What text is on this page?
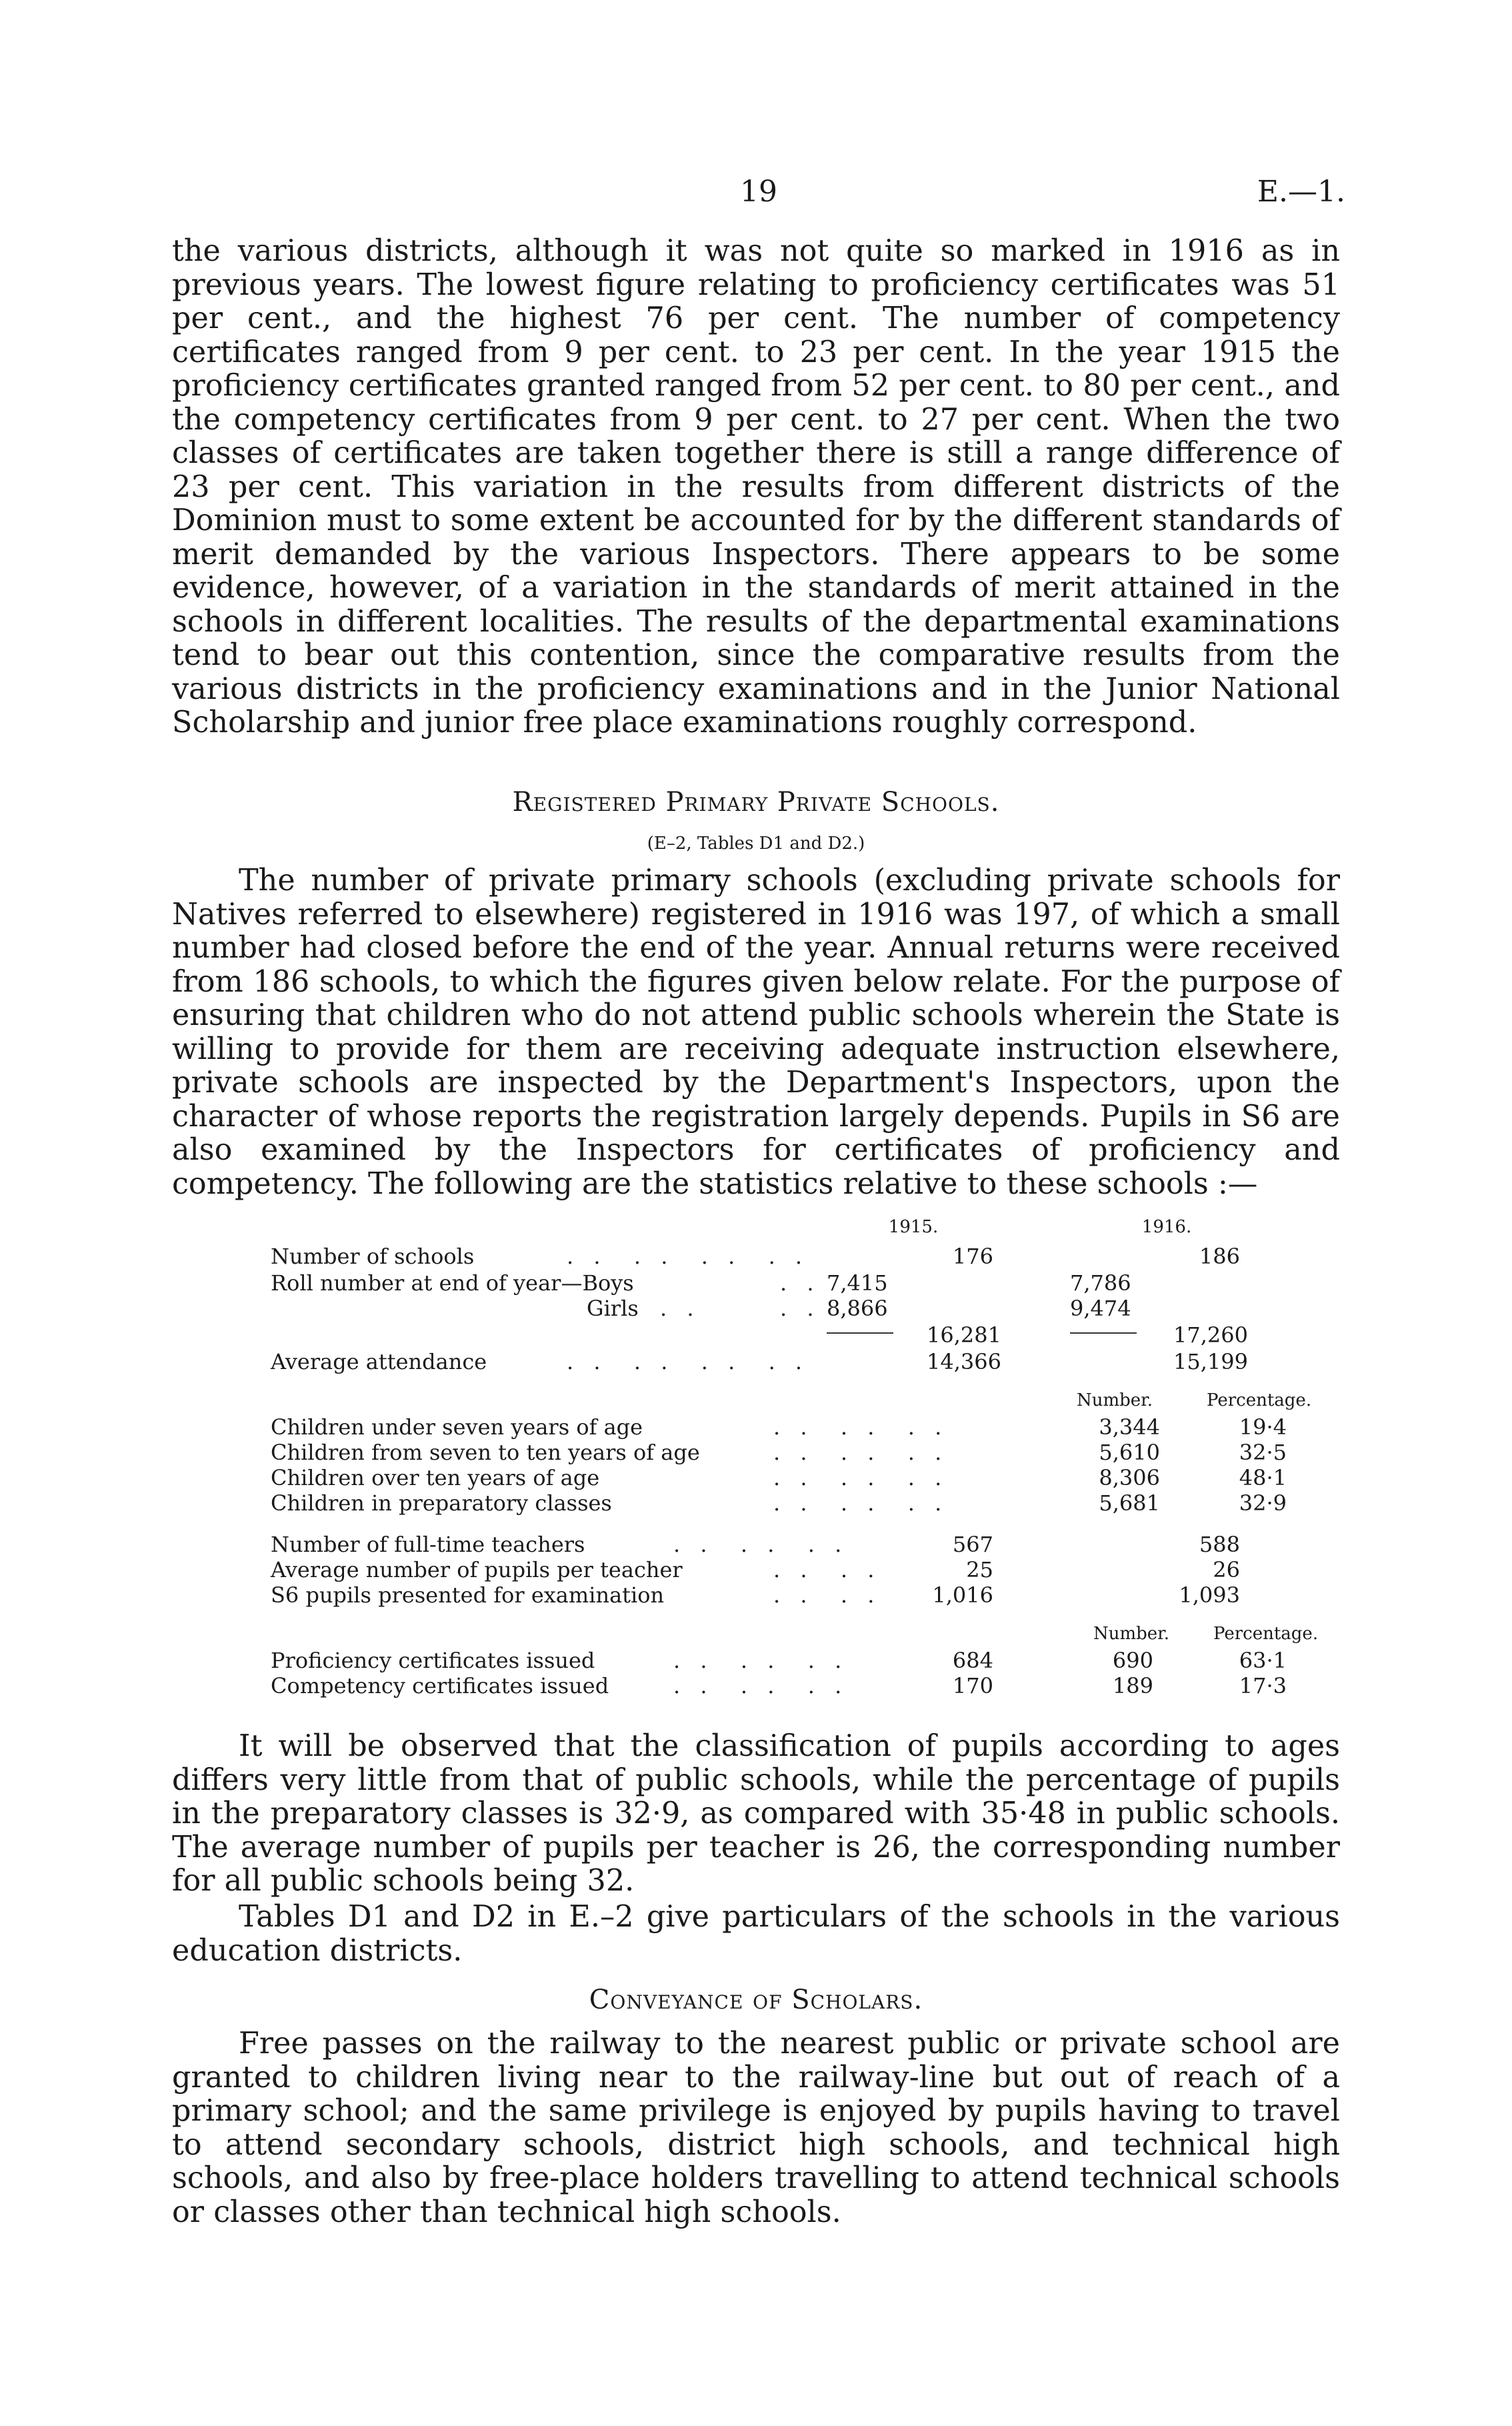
19	E.—1.

the various districts, although it was not quite so marked in 1916 as in previous years. The lowest figure relating to proficiency certificates was 51 per cent., and the highest 76 per cent. The number of competency certificates ranged from 9 per cent. to 23 per cent. In the year 1915 the proficiency certificates granted ranged from 52 per cent. to 80 per cent., and the competency certificates from 9 per cent. to 27 per cent. When the two classes of certificates are taken together there is still a range difference of 23 per cent. This variation in the results from different districts of the Dominion must to some extent be accounted for by the different standards of merit demanded by the various Inspectors. There appears to be some evidence, however, of a variation in the standards of merit attained in the schools in different localities. The results of the departmental examinations tend to bear out this contention, since the comparative results from the various districts in the proficiency examinations and in the Junior National Scholarship and junior free place examinations roughly correspond.

Registered Primary Private Schools.
(E–2, Tables D1 and D2.)

The number of private primary schools (excluding private schools for Natives referred to elsewhere) registered in 1916 was 197, of which a small number had closed before the end of the year. Annual returns were received from 186 schools, to which the figures given below relate. For the purpose of ensuring that children who do not attend public schools wherein the State is willing to provide for them are receiving adequate instruction elsewhere, private schools are inspected by the Department's Inspectors, upon the character of whose reports the registration largely depends. Pupils in S6 are also examined by the Inspectors for certificates of proficiency and competency. The following are the statistics relative to these schools :—

1915.	1916.
Number of schools	. .  . .  . .  . .	176	186
Roll number at end of year—Boys	. . 7,415	7,786
Girls . .	. . 8,866	9,474
16,281	17,260
Average attendance	. .  . .  . .  . .	14,366	15,199
Number.	Percentage.
Children under seven years of age	. .  . .  . .	3,344	19·4
Children from seven to ten years of age	. .  . .  . .	5,610	32·5
Children over ten years of age	. .  . .  . .	8,306	48·1
Children in preparatory classes	. .  . .  . .	5,681	32·9
Number of full-time teachers	. .  . .  . .	567	588
Average number of pupils per teacher	. .  . .	25	26
S6 pupils presented for examination	. .  . . 1,016	1,093
Number.	Percentage.
Proficiency certificates issued	. .  . .  . .	684	690	63·1
Competency certificates issued	. .  . .  . .	170	189	17·3

It will be observed that the classification of pupils according to ages differs very little from that of public schools, while the percentage of pupils in the preparatory classes is 32·9, as compared with 35·48 in public schools. The average number of pupils per teacher is 26, the corresponding number for all public schools being 32.

Tables D1 and D2 in E.–2 give particulars of the schools in the various education districts.

Conveyance of Scholars.

Free passes on the railway to the nearest public or private school are granted to children living near to the railway-line but out of reach of a primary school; and the same privilege is enjoyed by pupils having to travel to attend secondary schools, district high schools, and technical high schools, and also by free-place holders travelling to attend technical schools or classes other than technical high schools.
